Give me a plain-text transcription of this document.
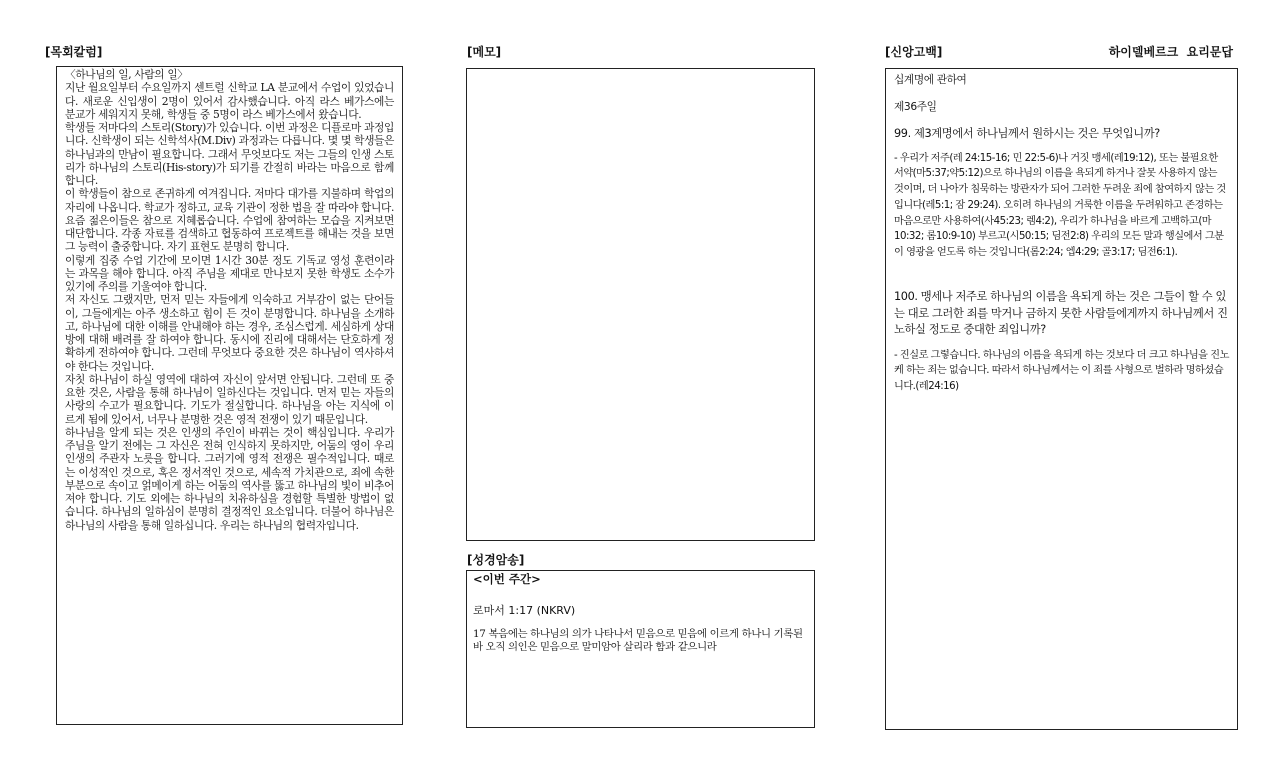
[목회칼럼]

〈하나님의 일, 사람의 일〉

지난 월요일부터 수요일까지 센트럴 신학교 LA 분교에서 수업이 있었습니다. 새로운 신입생이 2명이 있어서 감사했습니다. 아직 라스 베가스에는 분교가 세워지지 못해, 학생들 중 5명이 라스 베가스에서 왔습니다.

학생들 저마다의 스토리(Story)가 있습니다. 이번 과정은 디플로마 과정입니다. 신학생이 되는 신학석사(M.Div) 과정과는 다릅니다. 몇 몇 학생들은 하나님과의 만남이 필요합니다. 그래서 무엇보다도 저는 그들의 인생 스토리가 하나님의 스토리(His-story)가 되기를 간절히 바라는 마음으로 함께 합니다.

이 학생들이 참으로 존귀하게 여겨집니다. 저마다 대가를 지불하며 학업의 자리에 나옵니다. 학교가 정하고, 교육 기관이 정한 법을 잘 따라야 합니다. 요즘 젊은이들은 참으로 지혜롭습니다. 수업에 참여하는 모습을 지켜보면 대단합니다. 각종 자료를 검색하고 협동하여 프로젝트를 해내는 것을 보면 그 능력이 출중합니다. 자기 표현도 분명히 합니다.

이렇게 집중 수업 기간에 모이면 1시간 30분 정도 기독교 영성 훈련이라는 과목을 해야 합니다. 아직 주님을 제대로 만나보지 못한 학생도 소수가 있기에 주의를 기울여야 합니다.

저 자신도 그랬지만, 먼저 믿는 자들에게 익숙하고 거부감이 없는 단어들이, 그들에게는 아주 생소하고 힘이 든 것이 분명합니다. 하나님을 소개하고, 하나님에 대한 이해를 안내해야 하는 경우, 조심스럽게. 세심하게 상대방에 대해 배려를 잘 하여야 합니다. 동시에 진리에 대해서는 단호하게 정확하게 전하여야 합니다. 그런데 무엇보다 중요한 것은 하나님이 역사하셔야 한다는 것입니다.

자칫 하나님이 하실 영역에 대하여 자신이 앞서면 안됩니다. 그런데 또 중요한 것은, 사람을 통해 하나님이 일하신다는 것입니다. 먼저 믿는 자들의 사랑의 수고가 필요합니다. 기도가 절실합니다. 하나님을 아는 지식에 이르게 됨에 있어서, 너무나 분명한 것은 영적 전쟁이 있기 때문입니다.

하나님을 알게 되는 것은 인생의 주인이 바뀌는 것이 핵심입니다. 우리가 주님을 알기 전에는 그 자신은 전혀 인식하지 못하지만, 어둠의 영이 우리 인생의 주관자 노릇을 합니다. 그러기에 영적 전쟁은 필수적입니다. 때로는 이성적인 것으로, 혹은 정서적인 것으로, 세속적 가치관으로, 죄에 속한 부분으로 속이고 얽메이게 하는 어둠의 역사를 뚫고 하나님의 빛이 비추어져야 합니다. 기도 외에는 하나님의 치유하심을 경험할 특별한 방법이 없습니다. 하나님의 일하심이 분명히 결정적인 요소입니다. 더불어 하나님은 하나님의 사람을 통해 일하십니다. 우리는 하나님의 협력자입니다.

[메모]
[성경암송]

<이번 주간>

로마서 1:17 (NKRV)

17 복음에는 하나님의 의가 나타나서 믿음으로 믿음에 이르게 하나니 기록된 바 오직 의인은 믿음으로 말미암아 살리라 함과 같으니라

[신앙고백]	하이델베르크  요리문답

십계명에 관하여

제36주일

99. 제3계명에서 하나님께서 원하시는 것은 무엇입니까?

- 우리가 저주(레 24:15-16; 민 22:5-6)나 거짓 맹세(레19:12), 또는 불필요한 서약(마5:37;약5:12)으로 하나님의 이름을 욕되게 하거나 잘못 사용하지 않는 것이며, 더 나아가 침묵하는 방관자가 되어 그러한 두려운 죄에 참여하지 않는 것입니다(레5:1; 잠 29:24). 오히려 하나님의 거룩한 이름을 두려워하고 존경하는 마음으로만 사용하여(사45:23; 렘4:2), 우리가 하나님을 바르게 고백하고(마10:32; 롬10:9-10) 부르고(시50:15; 딤전2:8) 우리의 모든 말과 행실에서 그분이 영광을 얻도록 하는 것입니다(롬2:24; 엡4:29; 골3:17; 딤전6:1).

100. 맹세나 저주로 하나님의 이름을 욕되게 하는 것은 그들이 할 수 있는 대로 그러한 죄를 막거나 금하지 못한 사람들에게까지 하나님께서 진노하실 정도로 중대한 죄입니까?

- 진실로 그렇습니다. 하나님의 이름을 욕되게 하는 것보다 더 크고 하나님을 진노케 하는 죄는 없습니다. 따라서 하나님께서는 이 죄를 사형으로 벌하라 명하셨습니다.(레24:16)
